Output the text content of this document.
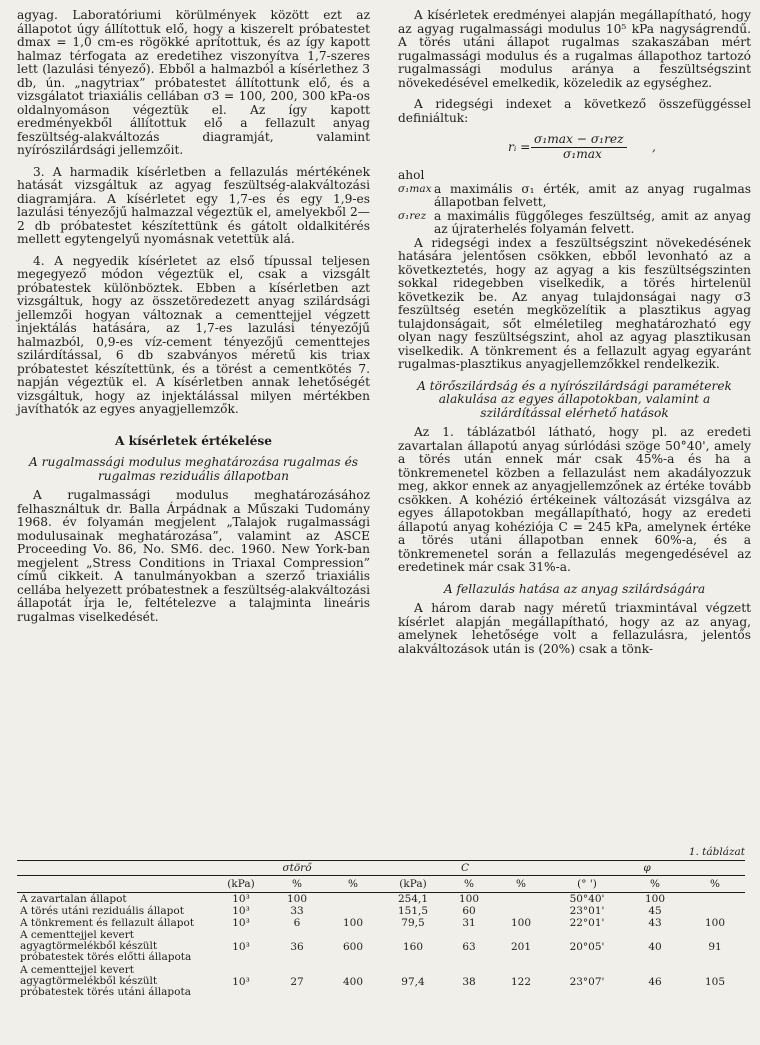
agyag. Laboratóriumi körülmények között ezt az állapotot úgy állítottuk elő, hogy a kiszerelt próbatestet dmax = 1,0 cm-es rögökké aprítottuk, és az így kapott halmaz térfogata az eredetihez viszonyítva 1,7-szeres lett (lazulási tényező). Ebből a halmazból a kísérlethez 3 db, ún. „nagytriax” próbatestet állítottunk elő, és a vizsgálatot triaxiális cellában σ3 = 100, 200, 300 kPa-os oldalnyomáson végeztük el. Az így kapott eredményekből állítottuk elő a fellazult anyag feszültség-alakváltozás diagramját, valamint nyírószilárdsági jellemzőit.

3. A harmadik kísérletben a fellazulás mértékének hatását vizsgáltuk az agyag feszültség-alakváltozási diagramjára. A kísérletet egy 1,7-es és egy 1,9-es lazulási tényezőjű halmazzal végeztük el, amelyekből 2—2 db próbatestet készítettünk és gátolt oldalkitérés mellett egytengelyű nyomásnak vetettük alá.

4. A negyedik kísérletet az első típussal teljesen megegyező módon végeztük el, csak a vizsgált próbatestek különböztek. Ebben a kísérletben azt vizsgáltuk, hogy az összetöredezett anyag szilárdsági jellemzői hogyan változnak a cementtejjel végzett injektálás hatására, az 1,7-es lazulási tényezőjű halmazból, 0,9-es víz-cement tényezőjű cementtejes szilárdítással, 6 db szabványos méretű kis triax próbatestet készítettünk, és a törést a cementkötés 7. napján végeztük el. A kísérletben annak lehetőségét vizsgáltuk, hogy az injektálással milyen mértékben javíthatók az egyes anyagjellemzők.

A kísérletek értékelése
A rugalmassági modulus meghatározása rugalmas és rugalmas reziduális állapotban

A rugalmassági modulus meghatározásához felhasználtuk dr. Balla Árpádnak a Műszaki Tudomány 1968. év folyamán megjelent „Talajok rugalmassági modulusainak meghatározása”, valamint az ASCE Proceeding Vo. 86, No. SM6. dec. 1960. New York-ban megjelent „Stress Conditions in Triaxal Compression” című cikkeit. A tanulmányokban a szerző triaxiális cellába helyezett próbatestnek a feszültség-alakváltozási állapotát írja le, feltételezve a talajminta lineáris rugalmas viselkedését.

A kísérletek eredményei alapján megállapítható, hogy az agyag rugalmassági modulus 10⁵ kPa nagyságrendű. A törés utáni állapot rugalmas szakaszában mért rugalmassági modulus és a rugalmas állapothoz tartozó rugalmassági modulus aránya a feszültségszint növekedésével emelkedik, közeledik az egységhez.

A ridegségi indexet a következő összefüggéssel definiáltuk:

rᵢ =
σ₁max − σ₁rez
σ₁max	,

ahol

σ₁max a maximális σ₁ érték, amit az anyag rugalmas állapotban felvett,
σ₁rez a maximális függőleges feszültség, amit az anyag az újraterhelés folyamán felvett.

A ridegségi index a feszültségszint növekedésének hatására jelentősen csökken, ebből levonható az a következtetés, hogy az agyag a kis feszültségszinten sokkal ridegebben viselkedik, a törés hirtelenül következik be. Az anyag tulajdonságai nagy σ3 feszültség esetén megközelítik a plasztikus agyag tulajdonságait, sőt elméletileg meghatározható egy olyan nagy feszültségszint, ahol az agyag plasztikusan viselkedik. A tönkrement és a fellazult agyag egyaránt rugalmas-plasztikus anyagjellemzőkkel rendelkezik.

A törőszilárdság és a nyírószilárdsági paraméterek alakulása az egyes állapotokban, valamint a szilárdítással elérhető hatások

Az 1. táblázatból látható, hogy pl. az eredeti zavartalan állapotú anyag súrlódási szöge 50°40', amely a törés után ennek már csak 45%-a és ha a tönkremenetel közben a fellazulást nem akadályozzuk meg, akkor ennek az anyagjellemzőnek az értéke tovább csökken. A kohézió értékeinek változását vizsgálva az egyes állapotokban megállapítható, hogy az eredeti állapotú anyag kohéziója C = 245 kPa, amelynek értéke a törés utáni állapotban ennek 60%-a, és a tönkremenetel során a fellazulás megengedésével az eredetinek már csak 31%-a.

A fellazulás hatása az anyag szilárdságára

A három darab nagy méretű triaxmintával végzett kísérlet alapján megállapítható, hogy az az anyag, amelynek lehetősége volt a fellazulásra, jelentős alakváltozások után is (20%) csak a tönk-

1. táblázat
	σtörő			C			φ		
	(kPa)	%	%	(kPa)	%	%	(° ')	%	%
A zavartalan állapot	10³	100		254,1	100		50°40'	100	
A törés utáni reziduális állapot	10³	33		151,5	60		23°01'	45	
A tönkrement és fellazult állapot	10³	6	100	79,5	31	100	22°01'	43	100
A cementtejjel kevert agyagtörmelékből készült próbatestek törés előtti állapota	10³	36	600	160	63	201	20°05'	40	91
A cementtejjel kevert agyagtörmelékből készült próbatestek törés utáni állapota	10³	27	400	97,4	38	122	23°07'	46	105
